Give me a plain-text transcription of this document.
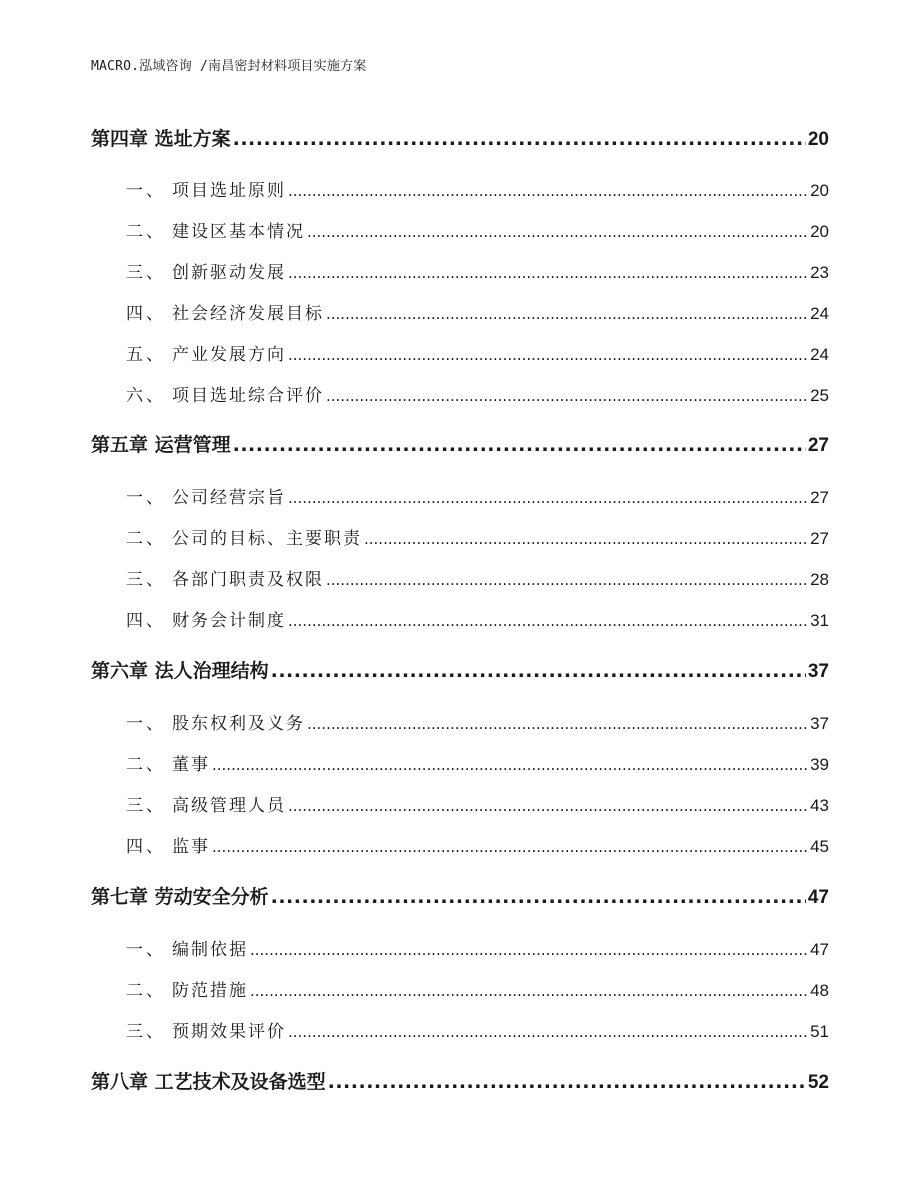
MACRO.泓域咨询 /南昌密封材料项目实施方案
第四章 选址方案 .....	20
一、 项目选址原则 .....	20
二、 建设区基本情况 .....	20
三、 创新驱动发展 .....	23
四、 社会经济发展目标 .....	24
五、 产业发展方向 .....	24
六、 项目选址综合评价 .....	25
第五章 运营管理 .....	27
一、 公司经营宗旨 .....	27
二、 公司的目标、主要职责 .....	27
三、 各部门职责及权限 .....	28
四、 财务会计制度 .....	31
第六章 法人治理结构 .....	37
一、 股东权利及义务 .....	37
二、 董事 .....	39
三、 高级管理人员 .....	43
四、 监事 .....	45
第七章 劳动安全分析 .....	47
一、 编制依据 .....	47
二、 防范措施 .....	48
三、 预期效果评价 .....	51
第八章 工艺技术及设备选型 .....	52
